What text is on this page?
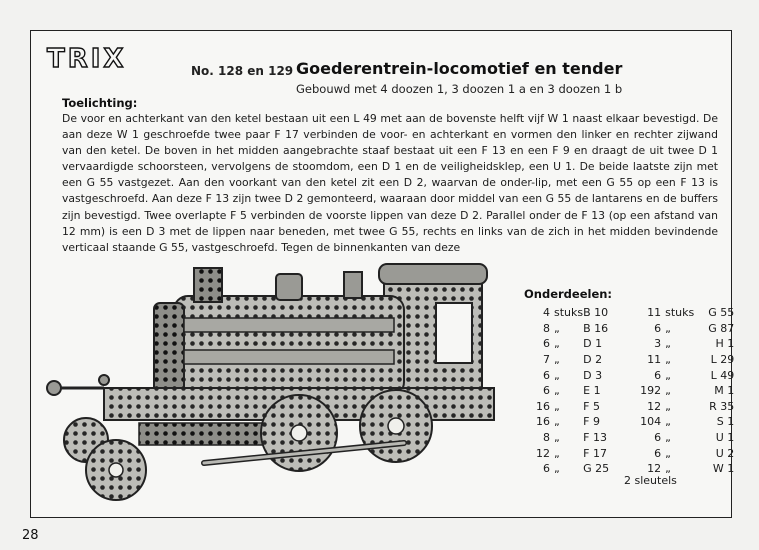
TRIX	No. 128 en 129 Goederentrein-locomotief en tender
Gebouwd met 4 doozen 1, 3 doozen 1 a en 3 doozen 1 b
Toelichting:

De voor en achterkant van den ketel bestaan uit een L 49 met aan de bovenste helft vijf W 1 naast elkaar bevestigd. De aan deze W 1 geschroefde twee paar F 17 verbinden de voor- en achterkant en vormen den linker en rechter zijwand van den ketel. De boven in het midden aangebrachte staaf bestaat uit een F 13 en een F 9 en draagt de uit twee D 1 vervaardigde schoorsteen, vervolgens de stoomdom, een D 1 en de veiligheidsklep, een U 1. De beide laatste zijn met een G 55 vastgezet. Aan den voorkant van den ketel zit een D 2, waarvan de onder-lip, met een G 55 op een F 13 is vastgeschroefd. Aan deze F 13 zijn twee D 2 gemonteerd, waaraan door middel van een G 55 de lantarens en de buffers zijn bevestigd. Twee overlapte F 5 verbinden de voorste lippen van deze D 2. Parallel onder de F 13 (op een afstand van 12 mm) is een D 3 met de lippen naar beneden, met twee G 55, rechts en links van de zich in het midden bevindende verticaal staande G 55, vastgeschroefd. Tegen de binnenkanten van deze

Onderdeelen:
4	stuks	B 10	11	stuks	G 55
8	„	B 16	6	„	G 87
6	„	D 1	3	„	H 1
7	„	D 2	11	„	L 29
6	„	D 3	6	„	L 49
6	„	E 1	192	„	M 1
16	„	F 5	12	„	R 35
16	„	F 9	104	„	S 1
8	„	F 13	6	„	U 1
12	„	F 17	6	„	U 2
6	„	G 25	12	„	W 1
2 sleutels
28
